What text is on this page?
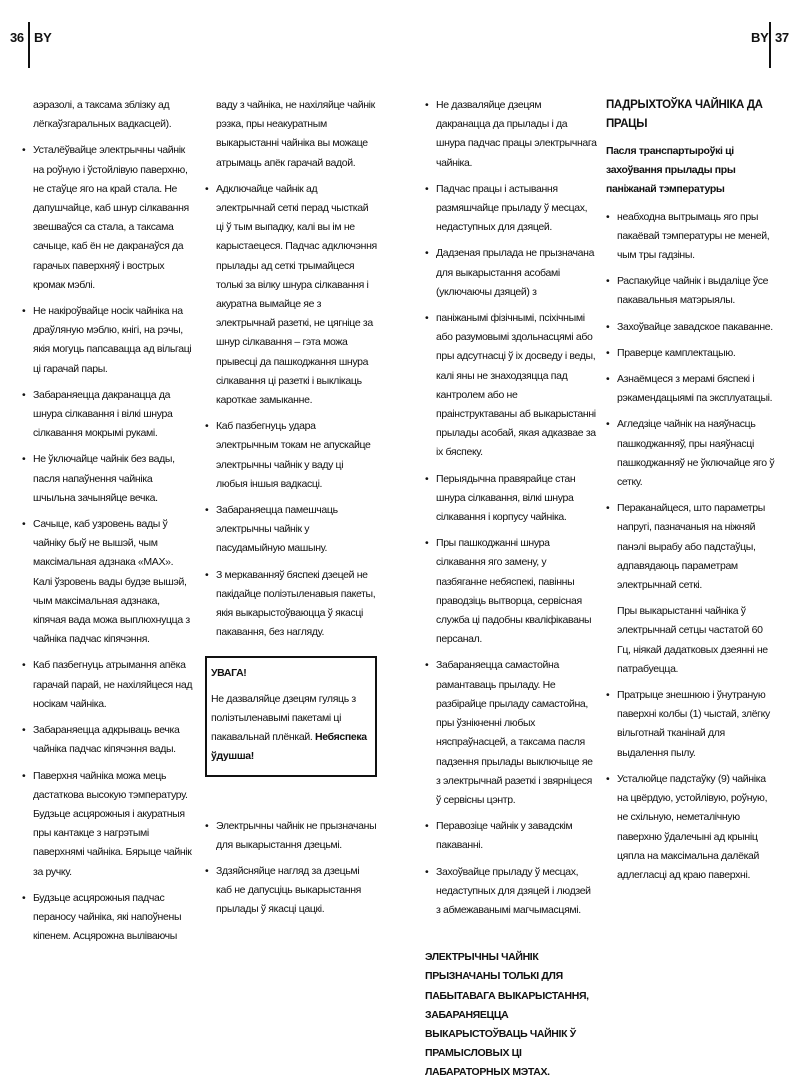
36 BY	BY 37

аэразолі, а таксама зблізку ад лёгкаўзгаральных вадкасцей).

• Усталёўвайце электрычны чайнік на роўную і ўстойлівую паверхню, не стаўце яго на край стала. Не дапушчайце, каб шнур сілкавання звешваўся са стала, а таксама сачыце, каб ён не дакранаўся да гарачых паверхняў і вострых кромак мэблі.
• Не накіроўвайце носік чайніка на драўляную мэблю, кнігі, на рэчы, якія могуць папсавацца ад вільгаці ці гарачай пары.
• Забараняецца дакранацца да шнура сілкавання і вілкі шнура сілкавання мокрымі рукамі.
• Не ўключайце чайнік без вады, пасля напаўнення чайніка шчыльна зачыняйце вечка.
• Сачыце, каб узровень вады ў чайніку быў не вышэй, чым максімальная адзнака «MAX». Калі ўзровень вады будзе вышэй, чым максімальная адзнака, кіпячая вада можа выплюхнуцца з чайніка падчас кіпячэння.
• Каб пазбегнуць атрымання апёка гарачай парай, не нахіляйцеся над носікам чайніка.
• Забараняецца адкрываць вечка чайніка падчас кіпячэння вады.
• Паверхня чайніка можа мець дастаткова высокую тэмпературу. Будзьце асцярожныя і акуратныя пры кантакце з нагрэтымі паверхнямі чайніка. Бярыце чайнік за ручку.
• Будзьце асцярожныя падчас пераносу чайніка, які напоўнены кіпенем. Асцярожна выліваючы

ваду з чайніка, не нахіляйце чайнік рэзка, пры неакуратным выкарыстанні чайніка вы можаце атрымаць апёк гарачай вадой.

• Адключайце чайнік ад электрычнай сеткі перад чысткай ці ў тым выпадку, калі вы ім не карыстаецеся. Падчас адключэння прылады ад сеткі трымайцеся толькі за вілку шнура сілкавання і акуратна вымайце яе з электрычнай разеткі, не цягніце за шнур сілкавання – гэта можа прывесці да пашкоджання шнура сілкавання ці разеткі і выклікаць кароткае замыканне.
• Каб пазбегнуць удара электрычным токам не апускайце электрычны чайнік у ваду ці любыя іншыя вадкасці.
• Забараняецца памешчаць электрычны чайнік у пасудамыйную машыну.
• З меркаванняў бяспекі дзецей не пакідайце поліэтыленавыя пакеты, якія выкарыстоўваюцца ў якасці пакавання, без нагляду.
УВАГА!
Не дазваляйце дзецям гуляць з поліэтыленавымі пакетамі ці пакавальнай плёнкай. Небяспека ўдушша!
• Электрычны чайнік не прызначаны для выкарыстання дзецьмі.
• Здзяйсняйце нагляд за дзецьмі каб не дапусціць выкарыстання прылады ў якасці цацкі.
• Не дазваляйце дзецям дакранацца да прылады і да шнура падчас працы электрычнага чайніка.
• Падчас працы і астывання размяшчайце прыладу ў месцах, недаступных для дзяцей.
• Дадзеная прылада не прызначана для выкарыстання асобамі (уключаючы дзяцей) з
• паніжанымі фізічнымі, псіхічнымі або разумовымі здольнасцямі або пры адсутнасці ў іх досведу і веды, калі яны не знаходзяцца пад кантролем або не праінструктаваны аб выкарыстанні прылады асобай, якая адказвае за іх бяспеку.
• Перыядычна правярайце стан шнура сілкавання, вілкі шнура сілкавання і корпусу чайніка.
• Пры пашкоджанні шнура сілкавання яго замену, у пазбяганне небяспекі, павінны праводзіць вытворца, сервісная служба ці падобны кваліфікаваны персанал.
• Забараняецца самастойна рамантаваць прыладу. Не разбірайце прыладу самастойна, пры ўзнікненні любых няспраўнасцей, а таксама пасля падзення прылады выключыце яе з электрычнай разеткі і звярніцеся ў сервісны цэнтр.
• Перавозіце чайнік у завадскім пакаванні.
• Захоўвайце прыладу ў месцах, недаступных для дзяцей і людзей з абмежаванымі магчымасцямі.
ЭЛЕКТРЫЧНЫ ЧАЙНІК ПРЫЗНАЧАНЫ ТОЛЬКІ ДЛЯ ПАБЫТАВАГА ВЫКАРЫСТАННЯ, ЗАБАРАНЯЕЦЦА ВЫКАРЫСТОЎВАЦЬ ЧАЙНІК Ў ПРАМЫСЛОВЫХ ЦІ ЛАБАРАТОРНЫХ МЭТАХ.
ПАДРЫХТОЎКА ЧАЙНІКА ДА ПРАЦЫ
Пасля транспартыроўкі ці захоўвання прылады пры паніжанай тэмпературы
• неабходна вытрымаць яго пры пакаёвай тэмпературы не меней, чым тры гадзіны.
• Распакуйце чайнік і выдаліце ўсе пакавальныя матэрыялы.
• Захоўвайце завадское пакаванне.
• Праверце камплектацыю.
• Азнаёмцеся з мерамі бяспекі і рэкамендацыямі па эксплуатацыі.
• Агледзіце чайнік на наяўнасць пашкоджанняў, пры наяўнасці пашкоджанняў не ўключайце яго ў сетку.
• Пераканайцеся, што параметры напругі, пазначаныя на ніжняй панэлі вырабу або падстаўцы, адпавядаюць параметрам электрычнай сеткі.

Пры выкарыстанні чайніка ў электрычнай сетцы частатой 60 Гц, ніякай дадатковых дзеянні не патрабуецца.

• Пратрыце знешнюю і ўнутраную паверхні колбы (1) чыстай, злёгку вільготнай тканінай для выдалення пылу.
• Усталюйце падстаўку (9) чайніка на цвёрдую, устойлівую, роўную, не схільную, неметалічную паверхню ўдалечыні ад крыніц цяпла на максімальна далёкай адлегласці ад краю паверхні.
